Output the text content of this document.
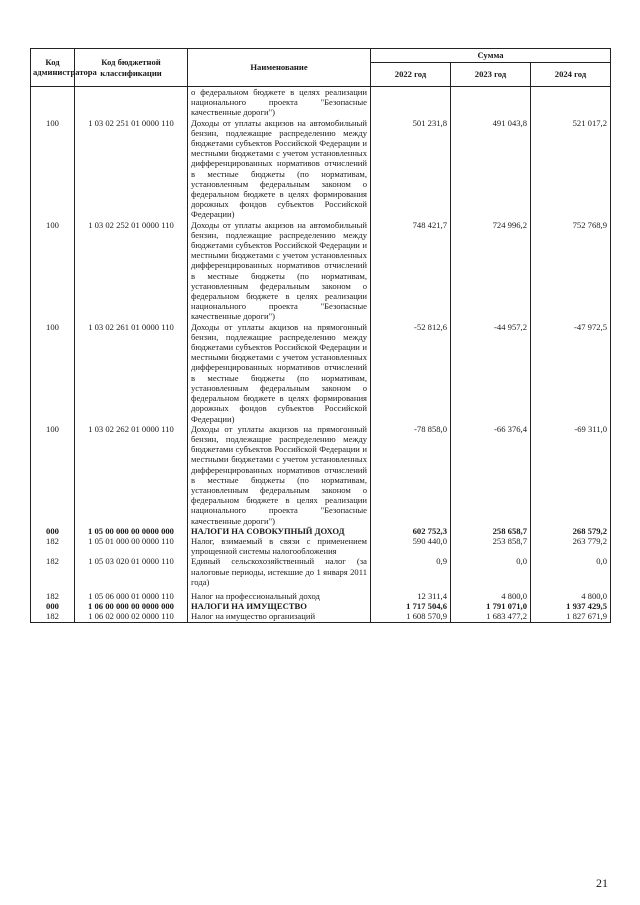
Код администратора	Код бюджетной классификации	Наименование	Сумма		
			2022 год	2023 год	2024 год
		о федеральном бюджете в целях реализации национального проекта "Безопасные качественные дороги")			
100	1 03 02 251 01 0000 110	Доходы от уплаты акцизов на автомобильный бензин, подлежащие распределению между бюджетами субъектов Российской Федерации и местными бюджетами с учетом установленных дифференцированных нормативов отчислений в местные бюджеты (по нормативам, установленным федеральным законом о федеральном бюджете в целях формирования дорожных фондов субъектов Российской Федерации)	501 231,8	491 043,8	521 017,2
100	1 03 02 252 01 0000 110	Доходы от уплаты акцизов на автомобильный бензин, подлежащие распределению между бюджетами субъектов Российской Федерации и местными бюджетами с учетом установленных дифференцированных нормативов отчислений в местные бюджеты (по нормативам, установленным федеральным законом о федеральном бюджете в целях реализации национального проекта "Безопасные качественные дороги")	748 421,7	724 996,2	752 768,9
100	1 03 02 261 01 0000 110	Доходы от уплаты акцизов на прямогонный бензин, подлежащие распределению между бюджетами субъектов Российской Федерации и местными бюджетами с учетом установленных дифференцированных нормативов отчислений в местные бюджеты (по нормативам, установленным федеральным законом о федеральном бюджете в целях формирования дорожных фондов субъектов Российской Федерации)	-52 812,6	-44 957,2	-47 972,5
100	1 03 02 262 01 0000 110	Доходы от уплаты акцизов на прямогонный бензин, подлежащие распределению между бюджетами субъектов Российской Федерации и местными бюджетами с учетом установленных дифференцированных нормативов отчислений в местные бюджеты (по нормативам, установленным федеральным законом о федеральном бюджете в целях реализации национального проекта "Безопасные качественные дороги")	-78 858,0	-66 376,4	-69 311,0
000	1 05 00 000 00 0000 000	НАЛОГИ НА СОВОКУПНЫЙ ДОХОД	602 752,3	258 658,7	268 579,2
182	1 05 01 000 00 0000 110	Налог, взимаемый в связи с применением упрощенной системы налогообложения	590 440,0	253 858,7	263 779,2
182	1 05 03 020 01 0000 110	Единый сельскохозяйственный налог (за налоговые периоды, истекшие до 1 января 2011 года)	0,9	0,0	0,0
182	1 05 06 000 01 0000 110	Налог на профессиональный доход	12 311,4	4 800,0	4 800,0
000	1 06 00 000 00 0000 000	НАЛОГИ НА ИМУЩЕСТВО	1 717 504,6	1 791 071,0	1 937 429,5
182	1 06 02 000 02 0000 110	Налог на имущество организаций	1 608 570,9	1 683 477,2	1 827 671,9
21
